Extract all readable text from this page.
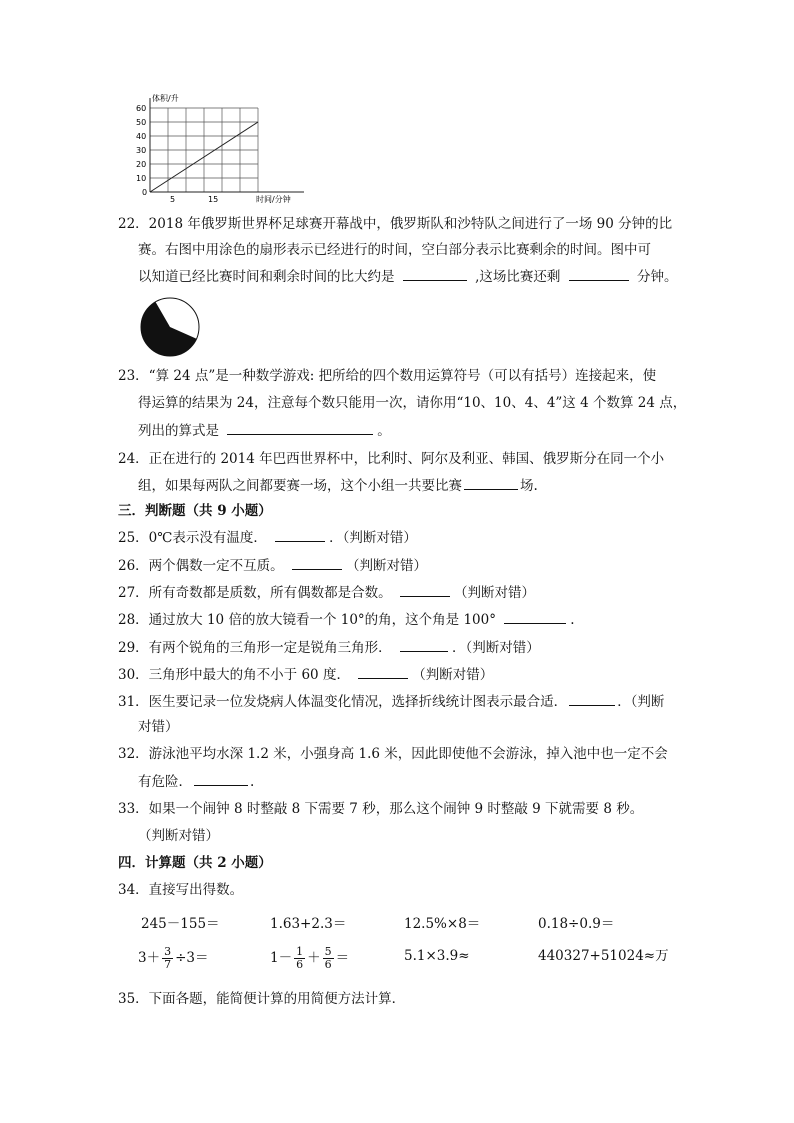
体积/升
时间/分钟
60
50
40
30
20
10
0
5	15
22．2018 年俄罗斯世界杯足球赛开幕战中，俄罗斯队和沙特队之间进行了一场 90 分钟的比
赛。右图中用涂色的扇形表示已经进行的时间，空白部分表示比赛剩余的时间。图中可
以知道已经比赛时间和剩余时间的比大约是	,这场比赛还剩	分钟。
23．“算 24 点”是一种数学游戏: 把所给的四个数用运算符号（可以有括号）连接起来，使
得运算的结果为 24，注意每个数只能用一次，请你用“10、10、4、4”这 4 个数算 24 点，
列出的算式是	。
24．正在进行的 2014 年巴西世界杯中，比利时、阿尔及利亚、韩国、俄罗斯分在同一个小
组，如果每两队之间都要赛一场，这个小组一共要比赛	场.
三．判断题（共 9 小题）
25．0℃表示没有温度．	．（判断对错）
26．两个偶数一定不互质。	（判断对错）
27．所有奇数都是质数，所有偶数都是合数。	（判断对错）
28．通过放大 10 倍的放大镜看一个 10°的角，这个角是 100°	.
29．有两个锐角的三角形一定是锐角三角形．	．（判断对错）
30．三角形中最大的角不小于 60 度．	（判断对错）
31．医生要记录一位发烧病人体温变化情况，选择折线统计图表示最合适．	．（判断
对错）
32．游泳池平均水深 1.2 米，小强身高 1.6 米，因此即使他不会游泳，掉入池中也一定不会
有危险．	.
33．如果一个闹钟 8 时整敲 8 下需要 7 秒，那么这个闹钟 9 时整敲 9 下就需要 8 秒。
（判断对错）
四．计算题（共 2 小题）
34．直接写出得数。
245－155＝	1.63+2.3＝	12.5%×8＝	0.18÷0.9＝
$3+ \frac{3}{7} \div 3=$	$1- \frac{1}{6} + \frac{5}{6}$ ＝	5.1×3.9≈	440327+51024≈万
35．下面各题，能简便计算的用简便方法计算．
